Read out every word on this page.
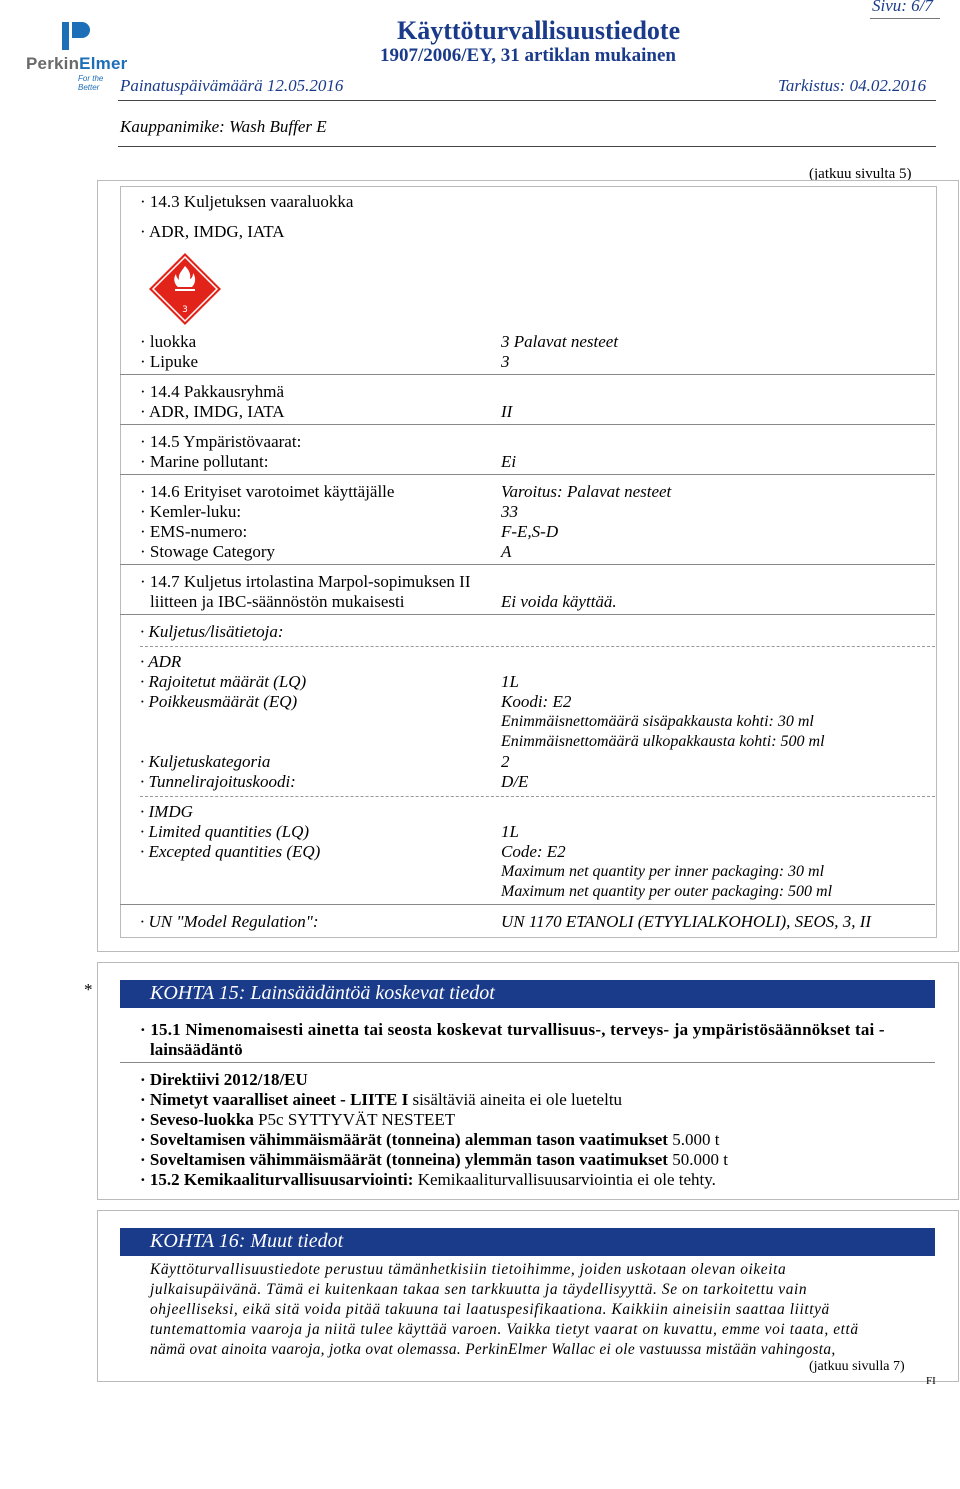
PerkinElmer
For the Better
Käyttöturvallisuustiedote
1907/2006/EY, 31 artiklan mukainen
Sivu: 6/7
Painatuspäivämäärä 12.05.2016	Tarkistus: 04.02.2016
Kauppanimike: Wash Buffer E
(jatkuu sivulta 5)
· 14.3 Kuljetuksen vaaraluokka
· ADR, IMDG, IATA
3
· luokka	3 Palavat nesteet
· Lipuke	3
· 14.4 Pakkausryhmä
· ADR, IMDG, IATA	II
· 14.5 Ympäristövaarat:
· Marine pollutant:	Ei
· 14.6 Erityiset varotoimet käyttäjälle	Varoitus: Palavat nesteet
· Kemler-luku:	33
· EMS-numero:	F-E,S-D
· Stowage Category	A
· 14.7 Kuljetus irtolastina Marpol-sopimuksen II
liitteen ja IBC-säännöstön mukaisesti	Ei voida käyttää.
· Kuljetus/lisätietoja:
· ADR
· Rajoitetut määrät (LQ)	1L
· Poikkeusmäärät (EQ)	Koodi: E2
Enimmäisnettomäärä sisäpakkausta kohti: 30 ml
Enimmäisnettomäärä ulkopakkausta kohti: 500 ml
· Kuljetuskategoria	2
· Tunnelirajoituskoodi:	D/E
· IMDG
· Limited quantities (LQ)	1L
· Excepted quantities (EQ)	Code: E2
Maximum net quantity per inner packaging: 30 ml
Maximum net quantity per outer packaging: 500 ml
· UN "Model Regulation":	UN 1170 ETANOLI (ETYYLIALKOHOLI), SEOS, 3, II
*	KOHTA 15: Lainsäädäntöä koskevat tiedot
· 15.1 Nimenomaisesti ainetta tai seosta koskevat turvallisuus-, terveys- ja ympäristösäännökset tai -
lainsäädäntö
· Direktiivi 2012/18/EU
· Nimetyt vaaralliset aineet - LIITE I sisältäviä aineita ei ole lueteltu
· Seveso-luokka P5c SYTTYVÄT NESTEET
· Soveltamisen vähimmäismäärät (tonneina) alemman tason vaatimukset 5.000 t
· Soveltamisen vähimmäismäärät (tonneina) ylemmän tason vaatimukset 50.000 t
· 15.2 Kemikaaliturvallisuusarviointi: Kemikaaliturvallisuusarviointia ei ole tehty.
KOHTA 16: Muut tiedot
Käyttöturvallisuustiedote perustuu tämänhetkisiin tietoihimme, joiden uskotaan olevan oikeita
julkaisupäivänä. Tämä ei kuitenkaan takaa sen tarkkuutta ja täydellisyyttä. Se on tarkoitettu vain
ohjeelliseksi, eikä sitä voida pitää takuuna tai laatuspesifikaationa. Kaikkiin aineisiin saattaa liittyä
tuntemattomia vaaroja ja niitä tulee käyttää varoen. Vaikka tietyt vaarat on kuvattu, emme voi taata, että
nämä ovat ainoita vaaroja, jotka ovat olemassa. PerkinElmer Wallac ei ole vastuussa mistään vahingosta,
(jatkuu sivulla 7)
FI
